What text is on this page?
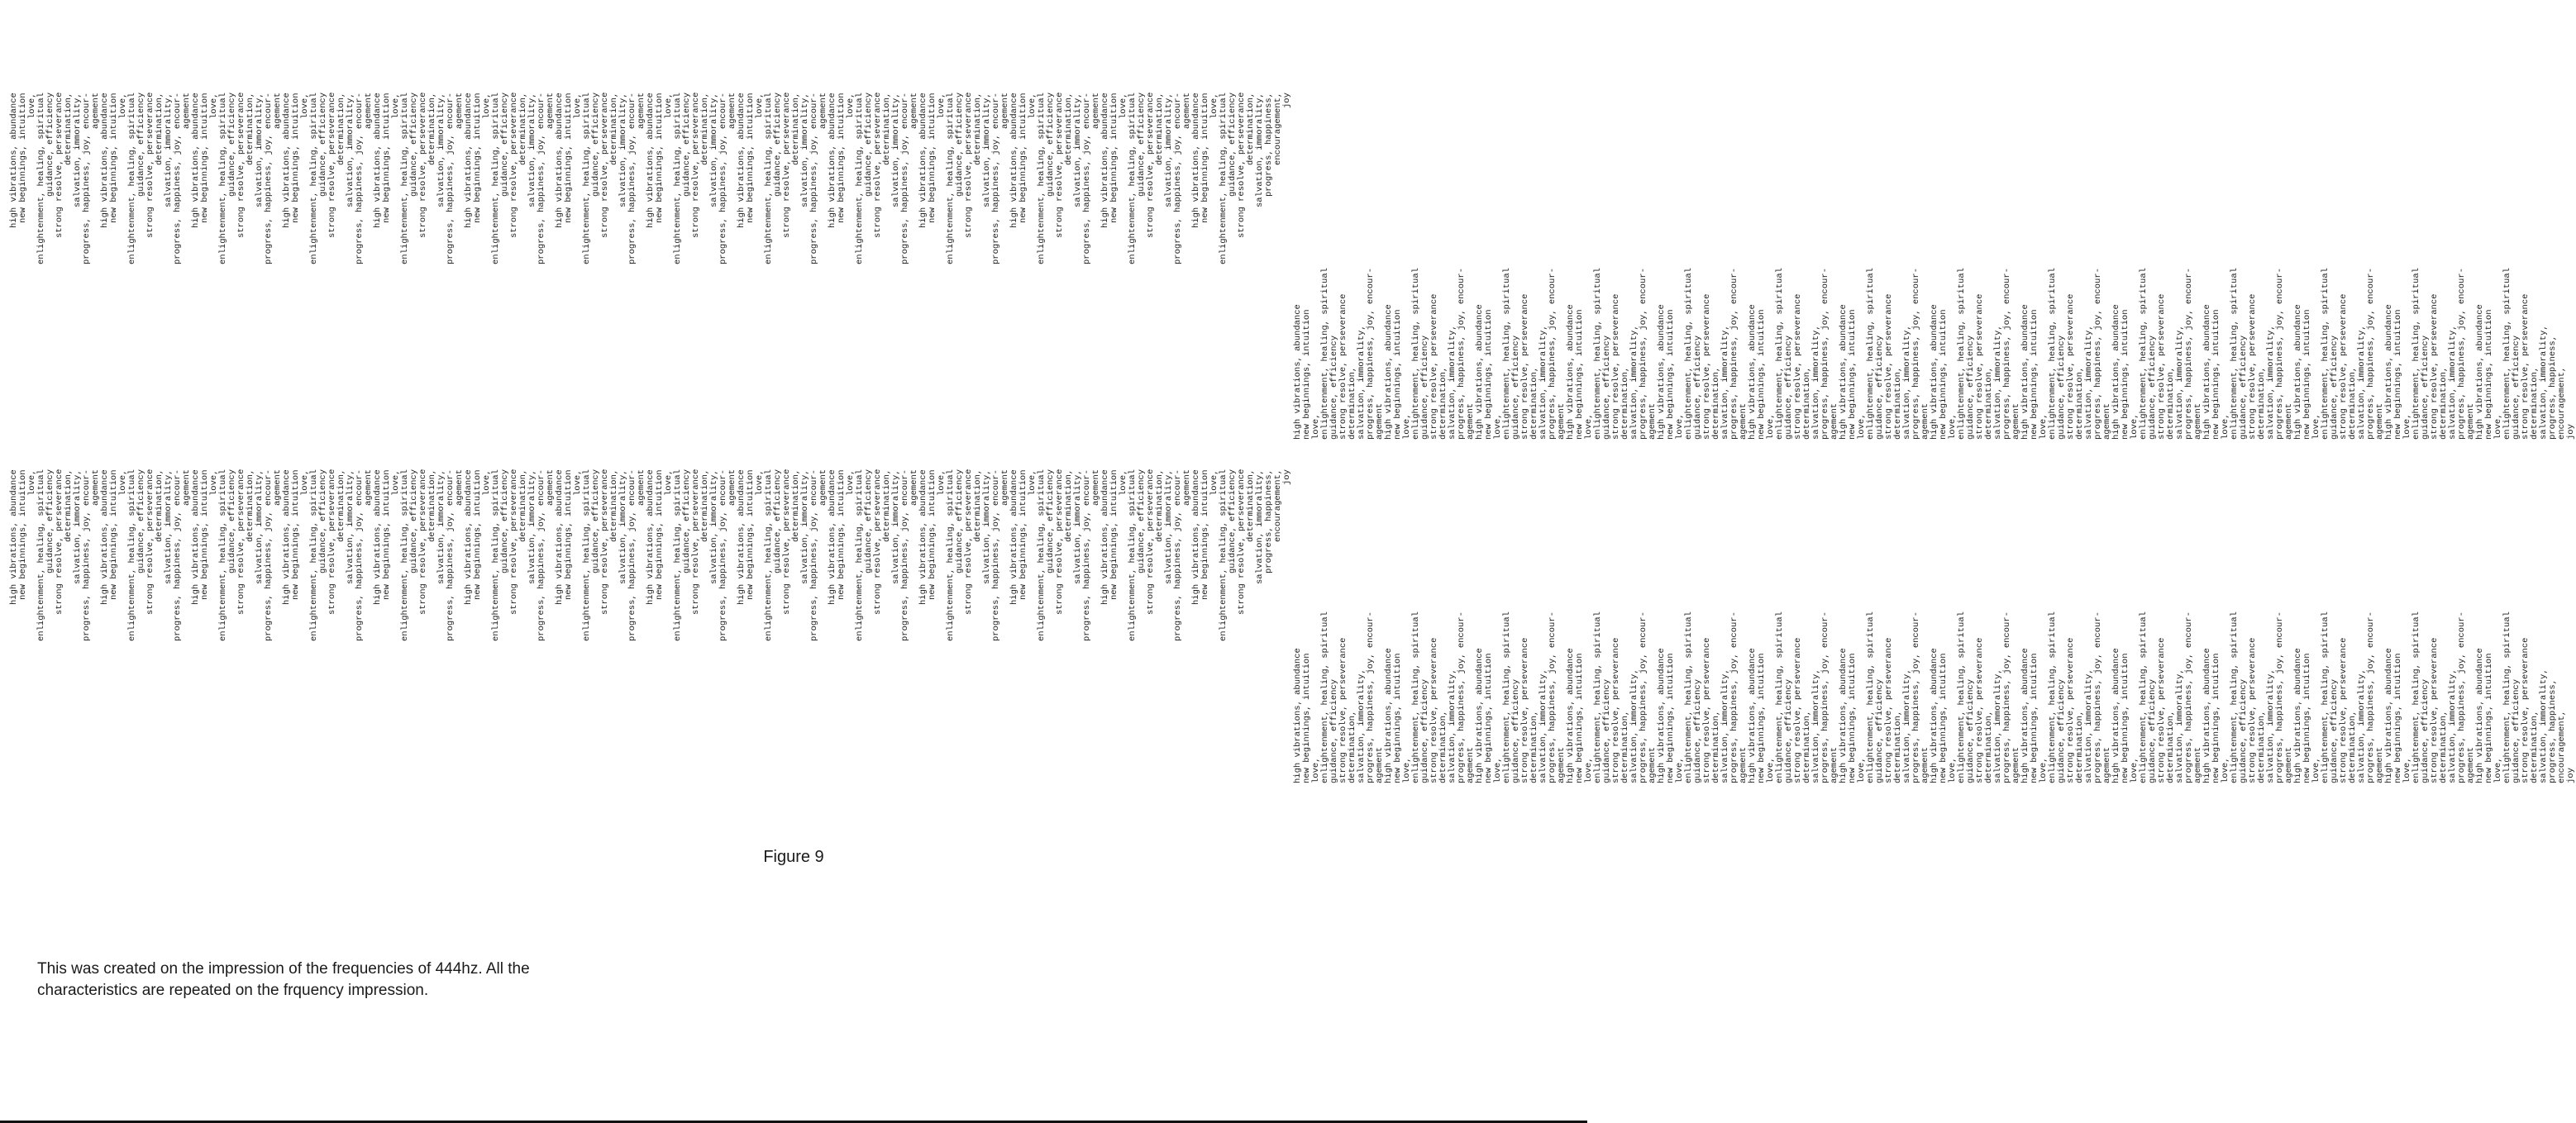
high vibrations, abundance
new beginnings, intuition
love,
enlightenment, healing, spiritual
guidance, efficiency
strong resolve, perseverance
determination,
salvation, immorality,
progress, happiness, joy, encour-
agement
high vibrations, abundance
new beginnings, intuition
love,
enlightenment, healing, spiritual
guidance, efficiency
strong resolve, perseverance
determination,
salvation, immorality,
progress, happiness, joy, encour-
agement
high vibrations, abundance
new beginnings, intuition
love,
enlightenment, healing, spiritual
guidance, efficiency
strong resolve, perseverance
determination,
salvation, immorality,
progress, happiness, joy, encour-
agement
high vibrations, abundance
new beginnings, intuition
love,
enlightenment, healing, spiritual
guidance, efficiency
strong resolve, perseverance
determination,
salvation, immorality,
progress, happiness, joy, encour-
agement
high vibrations, abundance
new beginnings, intuition
love,
enlightenment, healing, spiritual
guidance, efficiency
strong resolve, perseverance
determination,
salvation, immorality,
progress, happiness, joy, encour-
agement
high vibrations, abundance
new beginnings, intuition
love,
enlightenment, healing, spiritual
guidance, efficiency
strong resolve, perseverance
determination,
salvation, immorality,
progress, happiness, joy, encour-
agement
high vibrations, abundance
new beginnings, intuition
love,
enlightenment, healing, spiritual
guidance, efficiency
strong resolve, perseverance
determination,
salvation, immorality,
progress, happiness, joy, encour-
agement
high vibrations, abundance
new beginnings, intuition
love,
enlightenment, healing, spiritual
guidance, efficiency
strong resolve, perseverance
determination,
salvation, immorality,
progress, happiness, joy, encour-
agement
high vibrations, abundance
new beginnings, intuition
love,
enlightenment, healing, spiritual
guidance, efficiency
strong resolve, perseverance
determination,
salvation, immorality,
progress, happiness, joy, encour-
agement
high vibrations, abundance
new beginnings, intuition
love,
enlightenment, healing, spiritual
guidance, efficiency
strong resolve, perseverance
determination,
salvation, immorality,
progress, happiness, joy, encour-
agement
high vibrations, abundance
new beginnings, intuition
love,
enlightenment, healing, spiritual
guidance, efficiency
strong resolve, perseverance
determination,
salvation, immorality,
progress, happiness, joy, encour-
agement
high vibrations, abundance
new beginnings, intuition
love,
enlightenment, healing, spiritual
guidance, efficiency
strong resolve, perseverance
determination,
salvation, immorality,
progress, happiness, joy, encour-
agement
high vibrations, abundance
new beginnings, intuition
love,
enlightenment, healing, spiritual
guidance, efficiency
strong resolve, perseverance
determination,
salvation, immorality,
progress, happiness, joy, encour-
agement
high vibrations, abundance
new beginnings, intuition
love,
enlightenment, healing, spiritual
guidance, efficiency
strong resolve, perseverance
determination,
salvation, immorality,
progress, happiness,
encouragement,
joy
high vibrations, abundance
new beginnings, intuition
love,
enlightenment, healing, spiritual
guidance, efficiency
strong resolve, perseverance
determination,
salvation, immorality,
progress, happiness, joy, encour-
agement
high vibrations, abundance
new beginnings, intuition
love,
enlightenment, healing, spiritual
guidance, efficiency
strong resolve, perseverance
determination,
salvation, immorality,
progress, happiness, joy, encour-
agement
high vibrations, abundance
new beginnings, intuition
love,
enlightenment, healing, spiritual
guidance, efficiency
strong resolve, perseverance
determination,
salvation, immorality,
progress, happiness, joy, encour-
agement
high vibrations, abundance
new beginnings, intuition
love,
enlightenment, healing, spiritual
guidance, efficiency
strong resolve, perseverance
determination,
salvation, immorality,
progress, happiness, joy, encour-
agement
high vibrations, abundance
new beginnings, intuition
love,
enlightenment, healing, spiritual
guidance, efficiency
strong resolve, perseverance
determination,
salvation, immorality,
progress, happiness, joy, encour-
agement
high vibrations, abundance
new beginnings, intuition
love,
enlightenment, healing, spiritual
guidance, efficiency
strong resolve, perseverance
determination,
salvation, immorality,
progress, happiness, joy, encour-
agement
high vibrations, abundance
new beginnings, intuition
love,
enlightenment, healing, spiritual
guidance, efficiency
strong resolve, perseverance
determination,
salvation, immorality,
progress, happiness, joy, encour-
agement
high vibrations, abundance
new beginnings, intuition
love,
enlightenment, healing, spiritual
guidance, efficiency
strong resolve, perseverance
determination,
salvation, immorality,
progress, happiness, joy, encour-
agement
high vibrations, abundance
new beginnings, intuition
love,
enlightenment, healing, spiritual
guidance, efficiency
strong resolve, perseverance
determination,
salvation, immorality,
progress, happiness, joy, encour-
agement
high vibrations, abundance
new beginnings, intuition
love,
enlightenment, healing, spiritual
guidance, efficiency
strong resolve, perseverance
determination,
salvation, immorality,
progress, happiness, joy, encour-
agement
high vibrations, abundance
new beginnings, intuition
love,
enlightenment, healing, spiritual
guidance, efficiency
strong resolve, perseverance
determination,
salvation, immorality,
progress, happiness, joy, encour-
agement
high vibrations, abundance
new beginnings, intuition
love,
enlightenment, healing, spiritual
guidance, efficiency
strong resolve, perseverance
determination,
salvation, immorality,
progress, happiness, joy, encour-
agement
high vibrations, abundance
new beginnings, intuition
love,
enlightenment, healing, spiritual
guidance, efficiency
strong resolve, perseverance
determination,
salvation, immorality,
progress, happiness, joy, encour-
agement
high vibrations, abundance
new beginnings, intuition
love,
enlightenment, healing, spiritual
guidance, efficiency
strong resolve, perseverance
determination,
salvation, immorality,
progress, happiness,
encouragement,
joy
high vibrations, abundance
new beginnings, intuition
love,
enlightenment, healing, spiritual
guidance, efficiency
strong resolve, perseverance
determination,
salvation, immorality,
progress, happiness, joy, encour-
agement
high vibrations, abundance
new beginnings, intuition
love,
enlightenment, healing, spiritual
guidance, efficiency
strong resolve, perseverance
determination,
salvation, immorality,
progress, happiness, joy, encour-
agement
high vibrations, abundance
new beginnings, intuition
love,
enlightenment, healing, spiritual
guidance, efficiency
strong resolve, perseverance
determination,
salvation, immorality,
progress, happiness, joy, encour-
agement
high vibrations, abundance
new beginnings, intuition
love,
enlightenment, healing, spiritual
guidance, efficiency
strong resolve, perseverance
determination,
salvation, immorality,
progress, happiness, joy, encour-
agement
high vibrations, abundance
new beginnings, intuition
love,
enlightenment, healing, spiritual
guidance, efficiency
strong resolve, perseverance
determination,
salvation, immorality,
progress, happiness, joy, encour-
agement
high vibrations, abundance
new beginnings, intuition
love,
enlightenment, healing, spiritual
guidance, efficiency
strong resolve, perseverance
determination,
salvation, immorality,
progress, happiness, joy, encour-
agement
high vibrations, abundance
new beginnings, intuition
love,
enlightenment, healing, spiritual
guidance, efficiency
strong resolve, perseverance
determination,
salvation, immorality,
progress, happiness, joy, encour-
agement
high vibrations, abundance
new beginnings, intuition
love,
enlightenment, healing, spiritual
guidance, efficiency
strong resolve, perseverance
determination,
salvation, immorality,
progress, happiness, joy, encour-
agement
high vibrations, abundance
new beginnings, intuition
love,
enlightenment, healing, spiritual
guidance, efficiency
strong resolve, perseverance
determination,
salvation, immorality,
progress, happiness, joy, encour-
agement
high vibrations, abundance
new beginnings, intuition
love,
enlightenment, healing, spiritual
guidance, efficiency
strong resolve, perseverance
determination,
salvation, immorality,
progress, happiness, joy, encour-
agement
high vibrations, abundance
new beginnings, intuition
love,
enlightenment, healing, spiritual
guidance, efficiency
strong resolve, perseverance
determination,
salvation, immorality,
progress, happiness, joy, encour-
agement
high vibrations, abundance
new beginnings, intuition
love,
enlightenment, healing, spiritual
guidance, efficiency
strong resolve, perseverance
determination,
salvation, immorality,
progress, happiness, joy, encour-
agement
high vibrations, abundance
new beginnings, intuition
love,
enlightenment, healing, spiritual
guidance, efficiency
strong resolve, perseverance
determination,
salvation, immorality,
progress, happiness, joy, encour-
agement
high vibrations, abundance
new beginnings, intuition
love,
enlightenment, healing, spiritual
guidance, efficiency
strong resolve, perseverance
determination,
salvation, immorality,
progress, happiness,
encouragement,
joy
high vibrations, abundance
new beginnings, intuition
love,
enlightenment, healing, spiritual
guidance, efficiency
strong resolve, perseverance
determination,
salvation, immorality,
progress, happiness, joy, encour-
agement
high vibrations, abundance
new beginnings, intuition
love,
enlightenment, healing, spiritual
guidance, efficiency
strong resolve, perseverance
determination,
salvation, immorality,
progress, happiness, joy, encour-
agement
high vibrations, abundance
new beginnings, intuition
love,
enlightenment, healing, spiritual
guidance, efficiency
strong resolve, perseverance
determination,
salvation, immorality,
progress, happiness, joy, encour-
agement
high vibrations, abundance
new beginnings, intuition
love,
enlightenment, healing, spiritual
guidance, efficiency
strong resolve, perseverance
determination,
salvation, immorality,
progress, happiness, joy, encour-
agement
high vibrations, abundance
new beginnings, intuition
love,
enlightenment, healing, spiritual
guidance, efficiency
strong resolve, perseverance
determination,
salvation, immorality,
progress, happiness, joy, encour-
agement
high vibrations, abundance
new beginnings, intuition
love,
enlightenment, healing, spiritual
guidance, efficiency
strong resolve, perseverance
determination,
salvation, immorality,
progress, happiness, joy, encour-
agement
high vibrations, abundance
new beginnings, intuition
love,
enlightenment, healing, spiritual
guidance, efficiency
strong resolve, perseverance
determination,
salvation, immorality,
progress, happiness, joy, encour-
agement
high vibrations, abundance
new beginnings, intuition
love,
enlightenment, healing, spiritual
guidance, efficiency
strong resolve, perseverance
determination,
salvation, immorality,
progress, happiness, joy, encour-
agement
high vibrations, abundance
new beginnings, intuition
love,
enlightenment, healing, spiritual
guidance, efficiency
strong resolve, perseverance
determination,
salvation, immorality,
progress, happiness, joy, encour-
agement
high vibrations, abundance
new beginnings, intuition
love,
enlightenment, healing, spiritual
guidance, efficiency
strong resolve, perseverance
determination,
salvation, immorality,
progress, happiness, joy, encour-
agement
high vibrations, abundance
new beginnings, intuition
love,
enlightenment, healing, spiritual
guidance, efficiency
strong resolve, perseverance
determination,
salvation, immorality,
progress, happiness, joy, encour-
agement
high vibrations, abundance
new beginnings, intuition
love,
enlightenment, healing, spiritual
guidance, efficiency
strong resolve, perseverance
determination,
salvation, immorality,
progress, happiness, joy, encour-
agement
high vibrations, abundance
new beginnings, intuition
love,
enlightenment, healing, spiritual
guidance, efficiency
strong resolve, perseverance
determination,
salvation, immorality,
progress, happiness, joy, encour-
agement
high vibrations, abundance
new beginnings, intuition
love,
enlightenment, healing, spiritual
guidance, efficiency
strong resolve, perseverance
determination,
salvation, immorality,
progress, happiness,
encouragement,
joy
Figure 9
This was created on the impression of the frequencies of 444hz. All the characteristics are repeated on the frquency impression.
